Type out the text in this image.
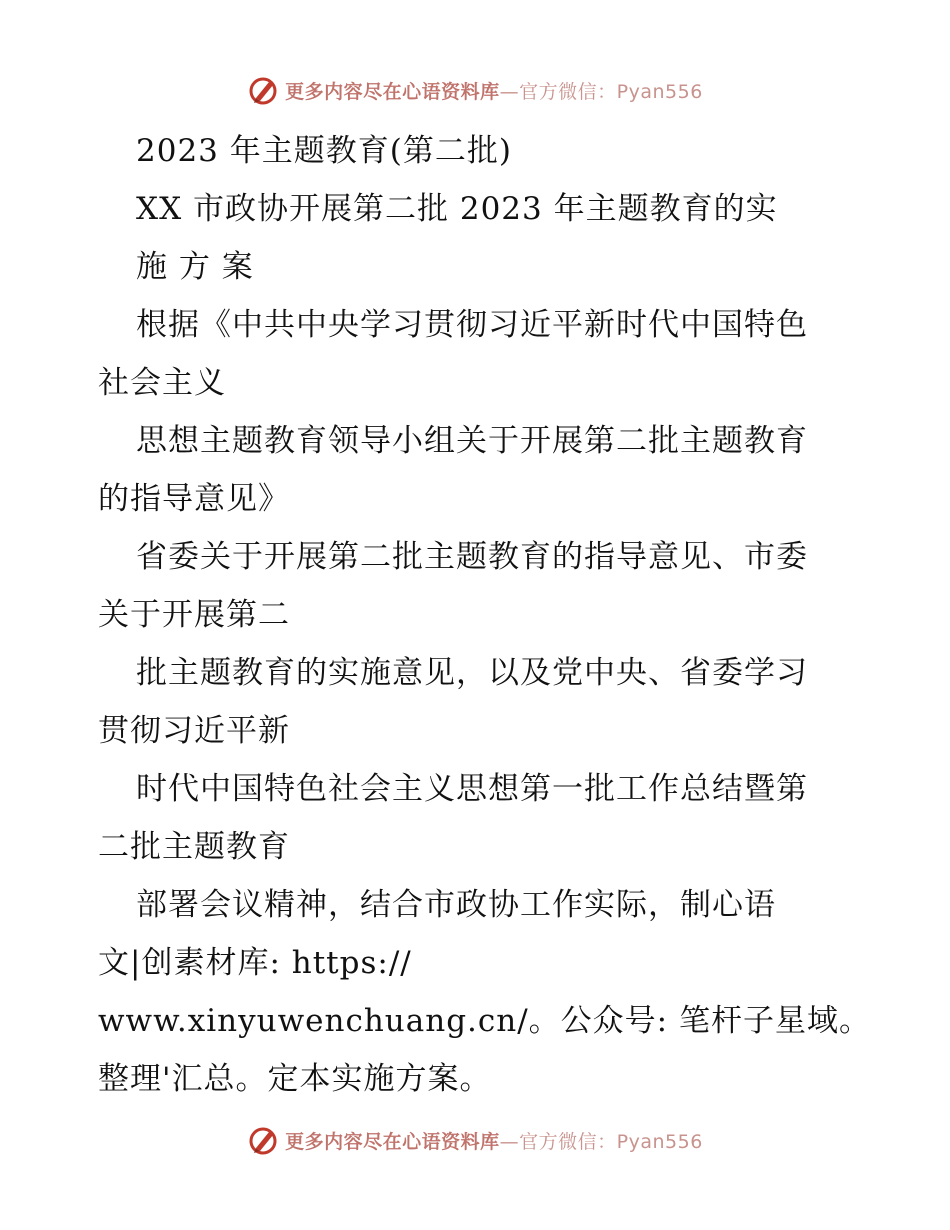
更多内容尽在心语资料库—官方微信：Pyan556
2023 年主题教育(第二批)
XX 市政协开展第二批 2023 年主题教育的实
施 方 案
根据《中共中央学习贯彻习近平新时代中国特色
社会主义
思想主题教育领导小组关于开展第二批主题教育
的指导意见》
省委关于开展第二批主题教育的指导意见、市委
关于开展第二
批主题教育的实施意见，以及党中央、省委学习
贯彻习近平新
时代中国特色社会主义思想第一批工作总结暨第
二批主题教育
部署会议精神，结合市政协工作实际，制心语
文|创素材库: https://
www.xinyuwenchuang.cn/。公众号: 笔杆子星域。
整理'汇总。定本实施方案。
更多内容尽在心语资料库—官方微信：Pyan556
